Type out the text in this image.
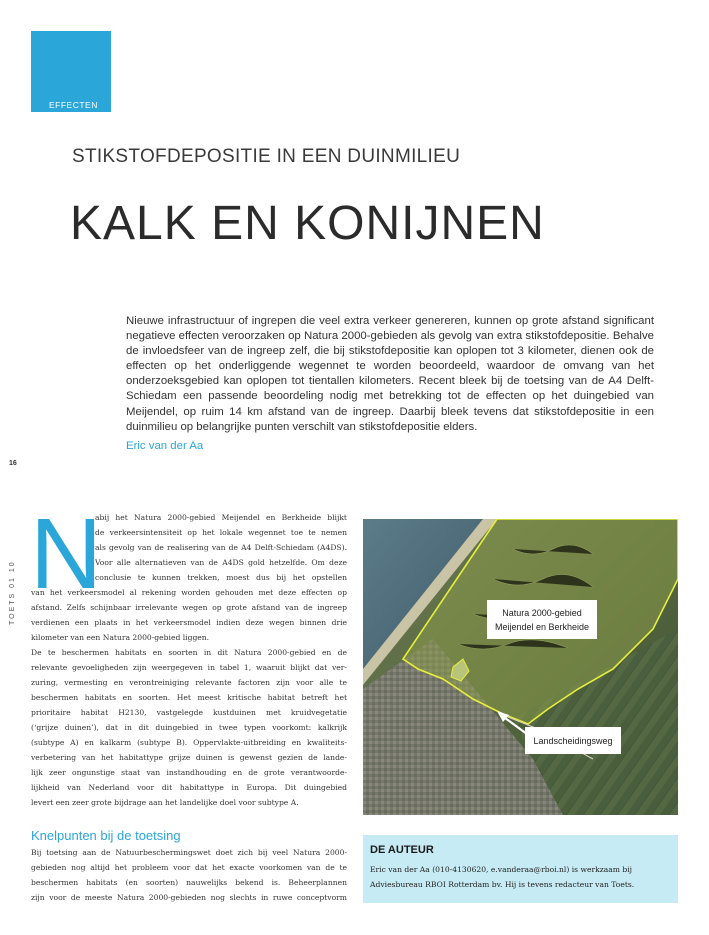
EFFECTEN
STIKSTOFDEPOSITIE IN EEN DUINMILIEU
KALK EN KONIJNEN
Nieuwe infrastructuur of ingrepen die veel extra verkeer genereren, kunnen op grote afstand significant negatieve effecten veroorzaken op Natura 2000-gebieden als gevolg van extra stikstofdepositie. Behalve de invloedsfeer van de ingreep zelf, die bij stikstofdepositie kan oplopen tot 3 kilometer, dienen ook de effecten op het onderliggende wegennet te worden beoordeeld, waardoor de omvang van het onderzoeksgebied kan oplopen tot tientallen kilometers. Recent bleek bij de toetsing van de A4 Delft-Schiedam een passende beoordeling nodig met betrekking tot de effecten op het duingebied van Meijendel, op ruim 14 km afstand van de ingreep. Daarbij bleek tevens dat stikstofdepositie in een duinmilieu op belangrijke punten verschilt van stikstofdepositie elders.
Eric van der Aa
16
TOETS 01 10 N
abij het Natura 2000-gebied Meijendel en Berkheide blijkt
de verkeersintensiteit op het lokale wegennet toe te nemen
als gevolg van de realisering van de A4 Delft-Schiedam (A4DS).
Voor alle alternatieven van de A4DS gold hetzelfde. Om deze
conclusie te kunnen trekken, moest dus bij het opstellen
van het verkeersmodel al rekening worden gehouden met deze effecten op
afstand. Zelfs schijnbaar irrelevante wegen op grote afstand van de ingreep
verdienen een plaats in het verkeersmodel indien deze wegen binnen drie
kilometer van een Natura 2000-gebied liggen.
De te beschermen habitats en soorten in dit Natura 2000-gebied en de
relevante gevoeligheden zijn weergegeven in tabel 1, waaruit blijkt dat ver-
zuring, vermesting en verontreiniging relevante factoren zijn voor alle te
beschermen habitats en soorten. Het meest kritische habitat betreft het
prioritaire habitat H2130, vastgelegde kustduinen met kruidvegetatie
(‘grijze duinen’), dat in dit duingebied in twee typen voorkomt: kalkrijk
(subtype A) en kalkarm (subtype B). Oppervlakte-uitbreiding en kwaliteits-
verbetering van het habitattype grijze duinen is gewenst gezien de lande-
lijk zeer ongunstige staat van instandhouding en de grote verantwoorde-
lijkheid van Nederland voor dit habitattype in Europa. Dit duingebied
levert een zeer grote bijdrage aan het landelijke doel voor subtype A.
Knelpunten bij de toetsing
Bij toetsing aan de Natuurbeschermingswet doet zich bij veel Natura 2000-
gebieden nog altijd het probleem voor dat het exacte voorkomen van de te
beschermen habitats (en soorten) nauwelijks bekend is. Beheerplannen
zijn voor de meeste Natura 2000-gebieden nog slechts in ruwe conceptvorm
Natura 2000-gebied
Meijendel en Berkheide
Landscheidingsweg
DE AUTEUR
Eric van der Aa (010-4130620, e.vanderaa@rboi.nl) is werkzaam bij Adviesbureau RBOI Rotterdam bv. Hij is tevens redacteur van Toets.
